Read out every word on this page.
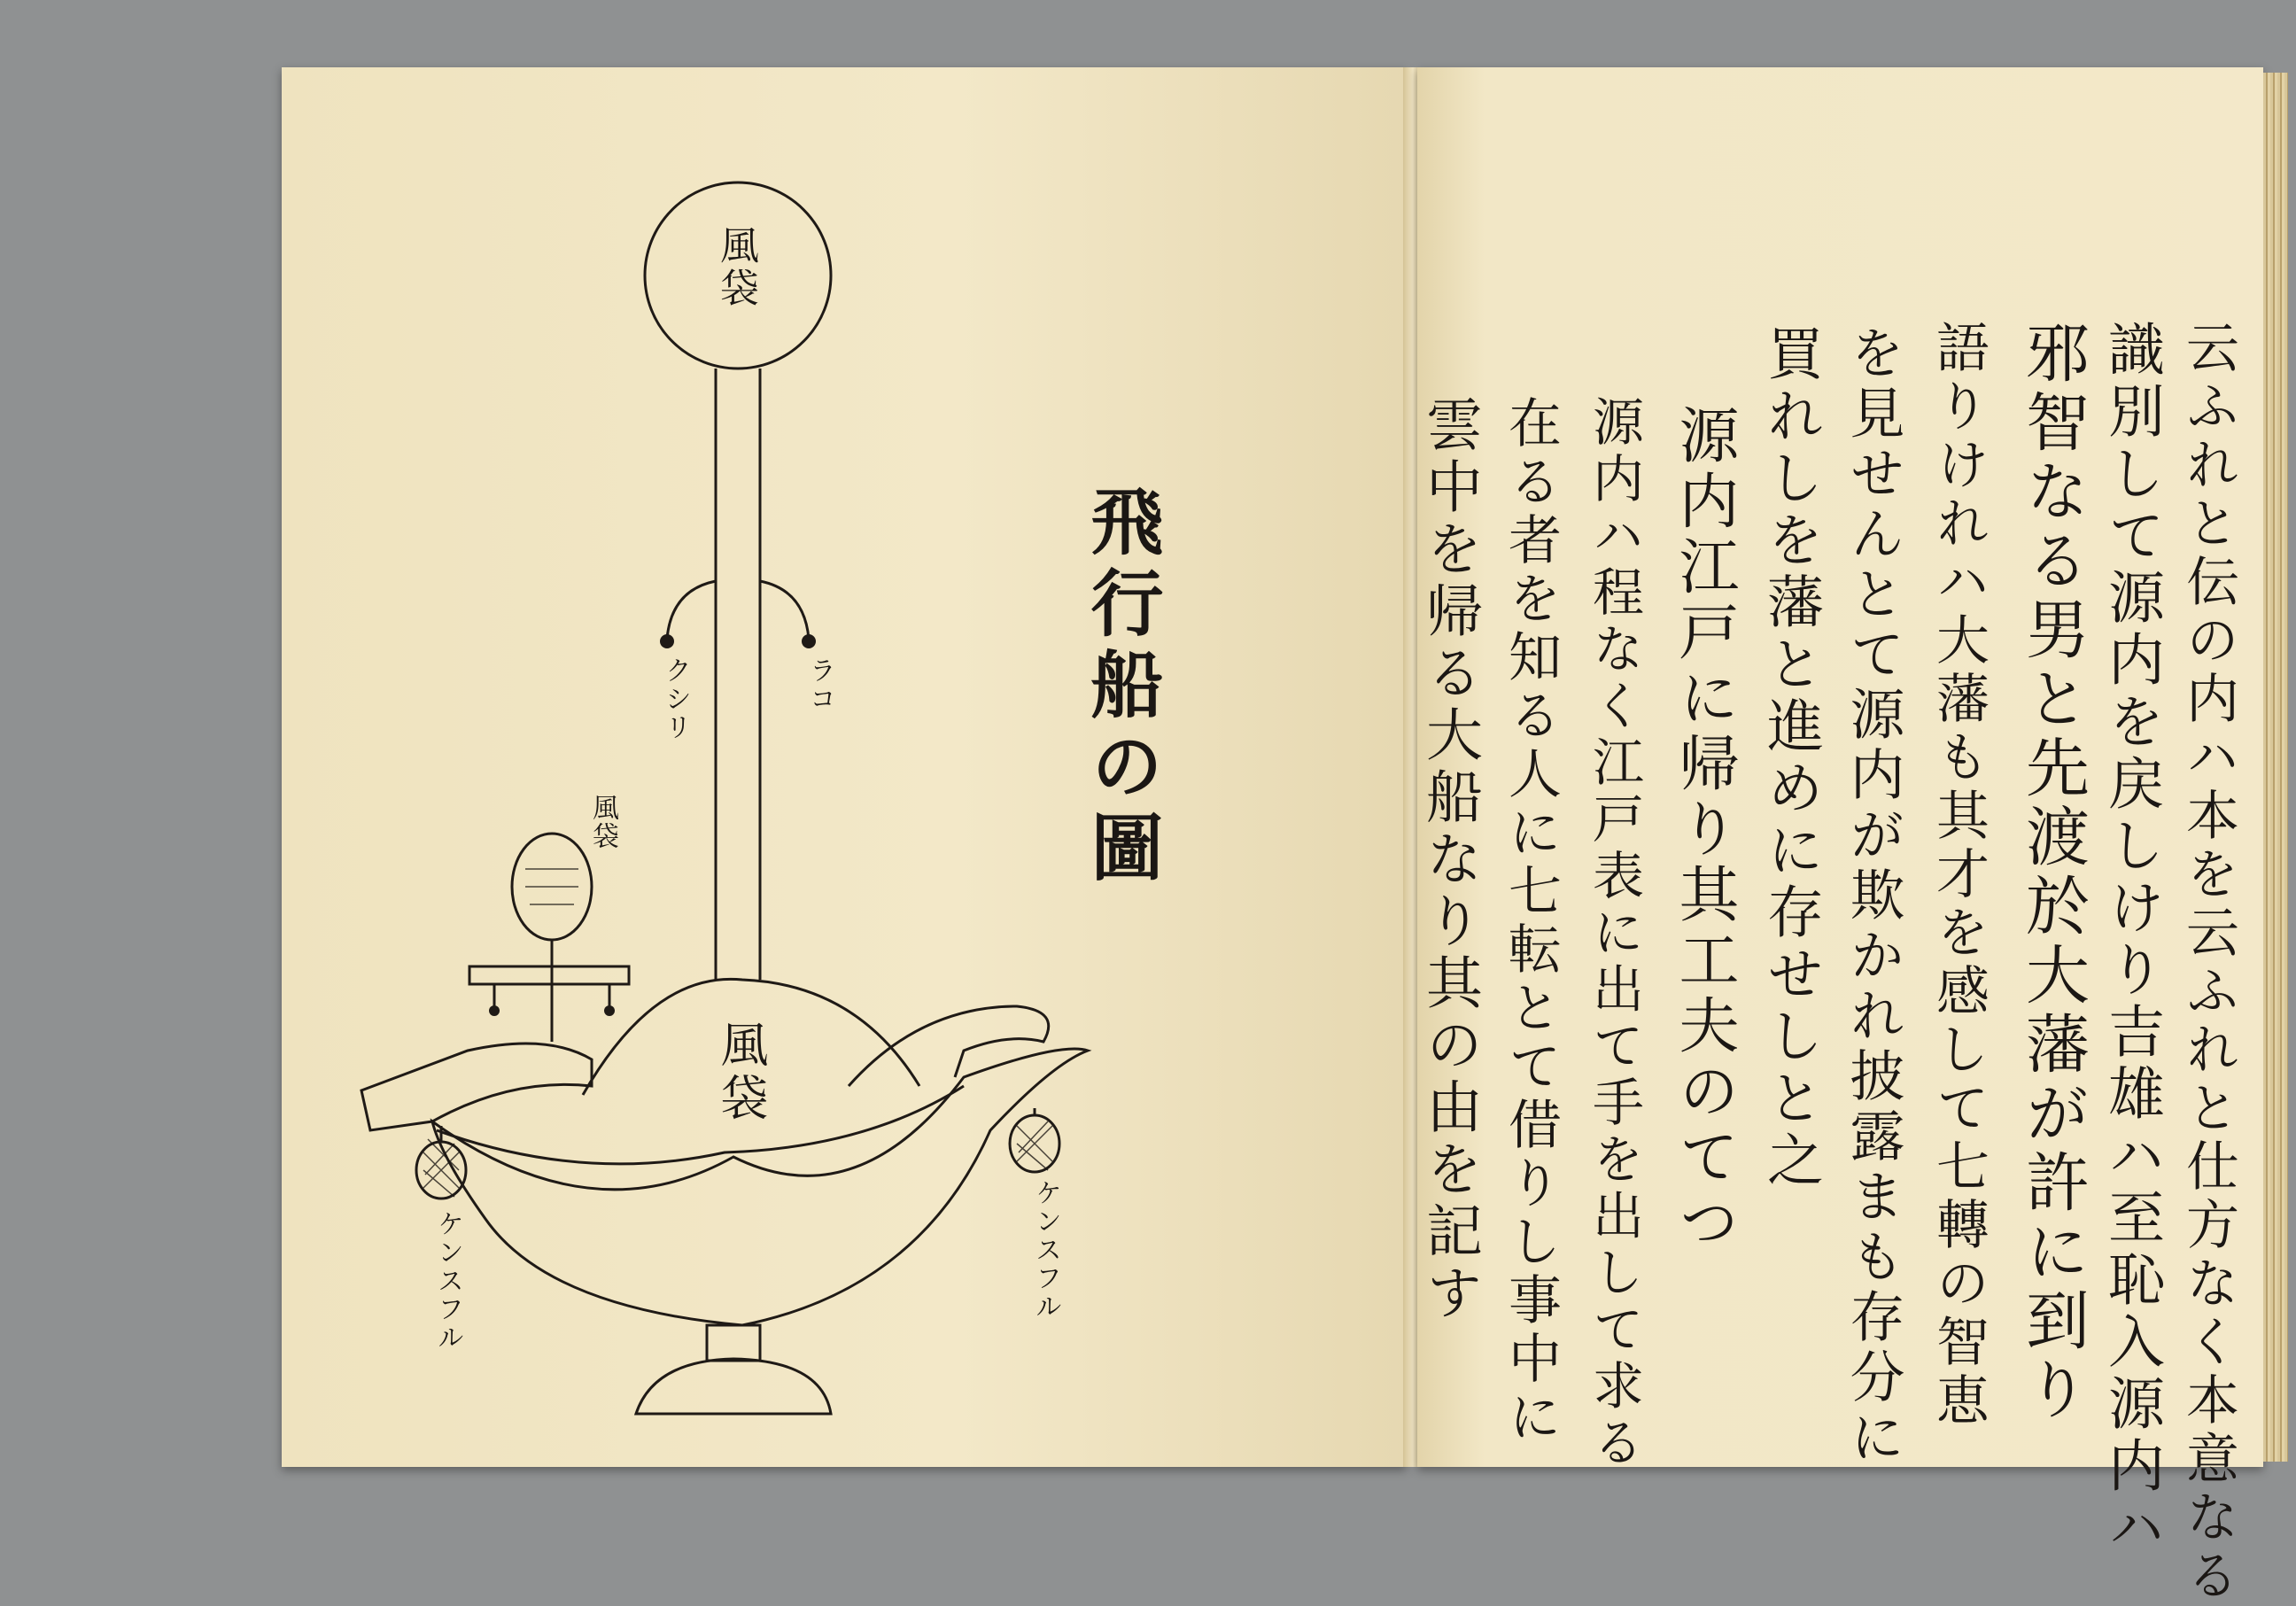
飛行船の圖
風袋
ラコ
クシリ
風袋
風袋
ケンスフル	ケンスフル	云ふれと伝の内ハ本を云ふれと仕方なく本意なる
識別して源内を戻しけり吉雄ハ至恥入源内ハ
邪智なる男と先渡於大藩が許に到り
語りけれハ大藩も其才を感して七轉の智恵
を見せんとて源内が欺かれ披露まも存分に
買れしを藩と進めに存せしと之
源内江戸に帰り其工夫のてつ
源内ハ程なく江戸表に出て手を出して求る
在る者を知る人に七転とて借りし事中に
雲中を帰る大船なり其の由を記す
